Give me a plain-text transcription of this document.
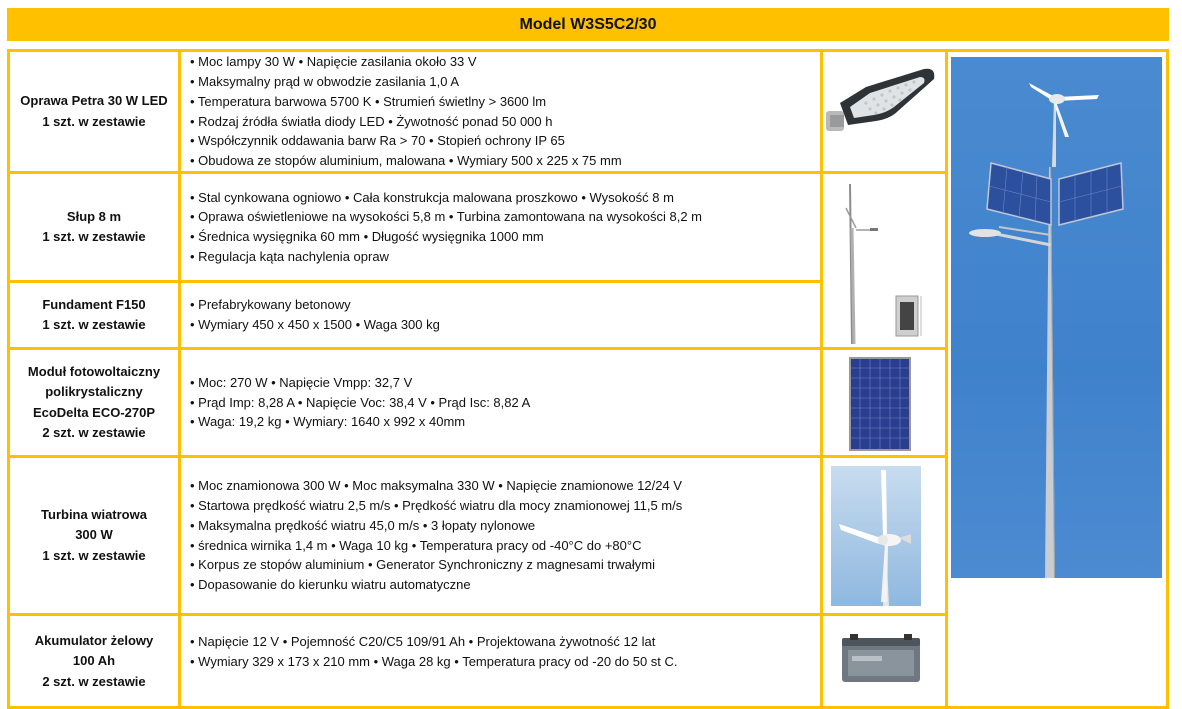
Model W3S5C2/30
Oprawa Petra 30 W LED
1 szt. w zestawie
• Moc lampy 30 W • Napięcie zasilania około 33 V
• Maksymalny prąd w obwodzie zasilania 1,0 A
• Temperatura barwowa 5700 K • Strumień świetlny > 3600 lm
• Rodzaj źródła światła diody LED • Żywotność ponad 50 000 h
• Współczynnik oddawania barw Ra > 70 • Stopień ochrony IP 65
• Obudowa ze stopów aluminium, malowana • Wymiary 500 x 225 x 75 mm
Słup 8 m
1 szt. w zestawie
• Stal cynkowana ogniowo • Cała konstrukcja malowana proszkowo • Wysokość 8 m
• Oprawa oświetleniowe na wysokości 5,8 m • Turbina zamontowana na wysokości 8,2 m
• Średnica wysięgnika 60 mm • Długość wysięgnika 1000 mm
• Regulacja kąta nachylenia opraw
Fundament F150
1 szt. w zestawie
• Prefabrykowany betonowy
• Wymiary 450 x 450 x 1500 • Waga 300 kg
Moduł fotowoltaiczny
polikrystaliczny
EcoDelta ECO-270P
2 szt. w zestawie
• Moc: 270 W • Napięcie Vmpp: 32,7 V
• Prąd Imp: 8,28 A • Napięcie Voc: 38,4 V • Prąd Isc: 8,82 A
• Waga: 19,2 kg • Wymiary: 1640 x 992 x 40mm
Turbina wiatrowa
300 W
1 szt. w zestawie
• Moc znamionowa 300 W • Moc maksymalna 330 W • Napięcie znamionowe 12/24 V
• Startowa prędkość wiatru 2,5 m/s • Prędkość wiatru dla mocy znamionowej 11,5 m/s
• Maksymalna prędkość wiatru 45,0 m/s • 3 łopaty nylonowe
• średnica wirnika 1,4 m • Waga 10 kg • Temperatura pracy od -40°C do +80°C
• Korpus ze stopów aluminium • Generator Synchroniczny z magnesami trwałymi
• Dopasowanie do kierunku wiatru automatyczne
Akumulator żelowy
100 Ah
2 szt. w zestawie
• Napięcie 12 V • Pojemność C20/C5 109/91 Ah • Projektowana żywotność 12 lat
• Wymiary 329 x 173 x 210 mm • Waga 28 kg • Temperatura pracy od -20 do 50 st C.
